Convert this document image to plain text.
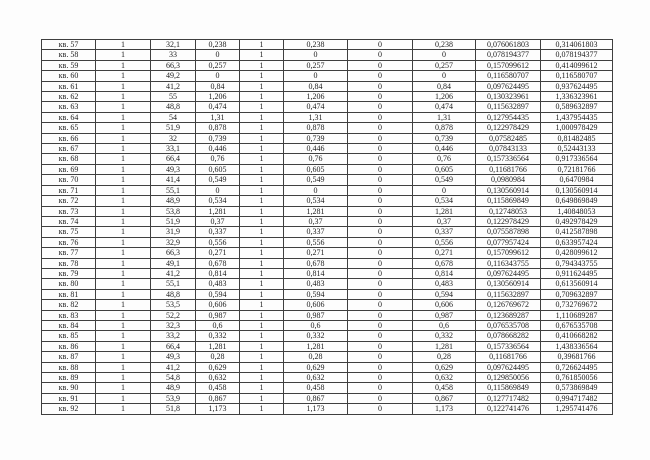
кв. 57	1	32,1	0,238	1	0,238	0	0,238	0,076061803	0,314061803
кв. 58	1	33	0	1	0	0	0	0,078194377	0,078194377
кв. 59	1	66,3	0,257	1	0,257	0	0,257	0,157099612	0,414099612
кв. 60	1	49,2	0	1	0	0	0	0,116580707	0,116580707
кв. 61	1	41,2	0,84	1	0,84	0	0,84	0,097624495	0,937624495
кв. 62	1	55	1,206	1	1,206	0	1,206	0,130323961	1,336323961
кв. 63	1	48,8	0,474	1	0,474	0	0,474	0,115632897	0,589632897
кв. 64	1	54	1,31	1	1,31	0	1,31	0,127954435	1,437954435
кв. 65	1	51,9	0,878	1	0,878	0	0,878	0,122978429	1,000978429
кв. 66	1	32	0,739	1	0,739	0	0,739	0,07582485	0,81482485
кв. 67	1	33,1	0,446	1	0,446	0	0,446	0,07843133	0,52443133
кв. 68	1	66,4	0,76	1	0,76	0	0,76	0,157336564	0,917336564
кв. 69	1	49,3	0,605	1	0,605	0	0,605	0,11681766	0,72181766
кв. 70	1	41,4	0,549	1	0,549	0	0,549	0,0980984	0,6470984
кв. 71	1	55,1	0	1	0	0	0	0,130560914	0,130560914
кв. 72	1	48,9	0,534	1	0,534	0	0,534	0,115869849	0,649869849
кв. 73	1	53,8	1,281	1	1,281	0	1,281	0,12748053	1,40848053
кв. 74	1	51,9	0,37	1	0,37	0	0,37	0,122978429	0,492978429
кв. 75	1	31,9	0,337	1	0,337	0	0,337	0,075587898	0,412587898
кв. 76	1	32,9	0,556	1	0,556	0	0,556	0,077957424	0,633957424
кв. 77	1	66,3	0,271	1	0,271	0	0,271	0,157099612	0,428099612
кв. 78	1	49,1	0,678	1	0,678	0	0,678	0,116343755	0,794343755
кв. 79	1	41,2	0,814	1	0,814	0	0,814	0,097624495	0,911624495
кв. 80	1	55,1	0,483	1	0,483	0	0,483	0,130560914	0,613560914
кв. 81	1	48,8	0,594	1	0,594	0	0,594	0,115632897	0,709632897
кв. 82	1	53,5	0,606	1	0,606	0	0,606	0,126769672	0,732769672
кв. 83	1	52,2	0,987	1	0,987	0	0,987	0,123689287	1,110689287
кв. 84	1	32,3	0,6	1	0,6	0	0,6	0,076535708	0,676535708
кв. 85	1	33,2	0,332	1	0,332	0	0,332	0,078668282	0,410668282
кв. 86	1	66,4	1,281	1	1,281	0	1,281	0,157336564	1,438336564
кв. 87	1	49,3	0,28	1	0,28	0	0,28	0,11681766	0,39681766
кв. 88	1	41,2	0,629	1	0,629	0	0,629	0,097624495	0,726624495
кв. 89	1	54,8	0,632	1	0,632	0	0,632	0,129850056	0,761850056
кв. 90	1	48,9	0,458	1	0,458	0	0,458	0,115869849	0,573869849
кв. 91	1	53,9	0,867	1	0,867	0	0,867	0,127717482	0,994717482
кв. 92	1	51,8	1,173	1	1,173	0	1,173	0,122741476	1,295741476
